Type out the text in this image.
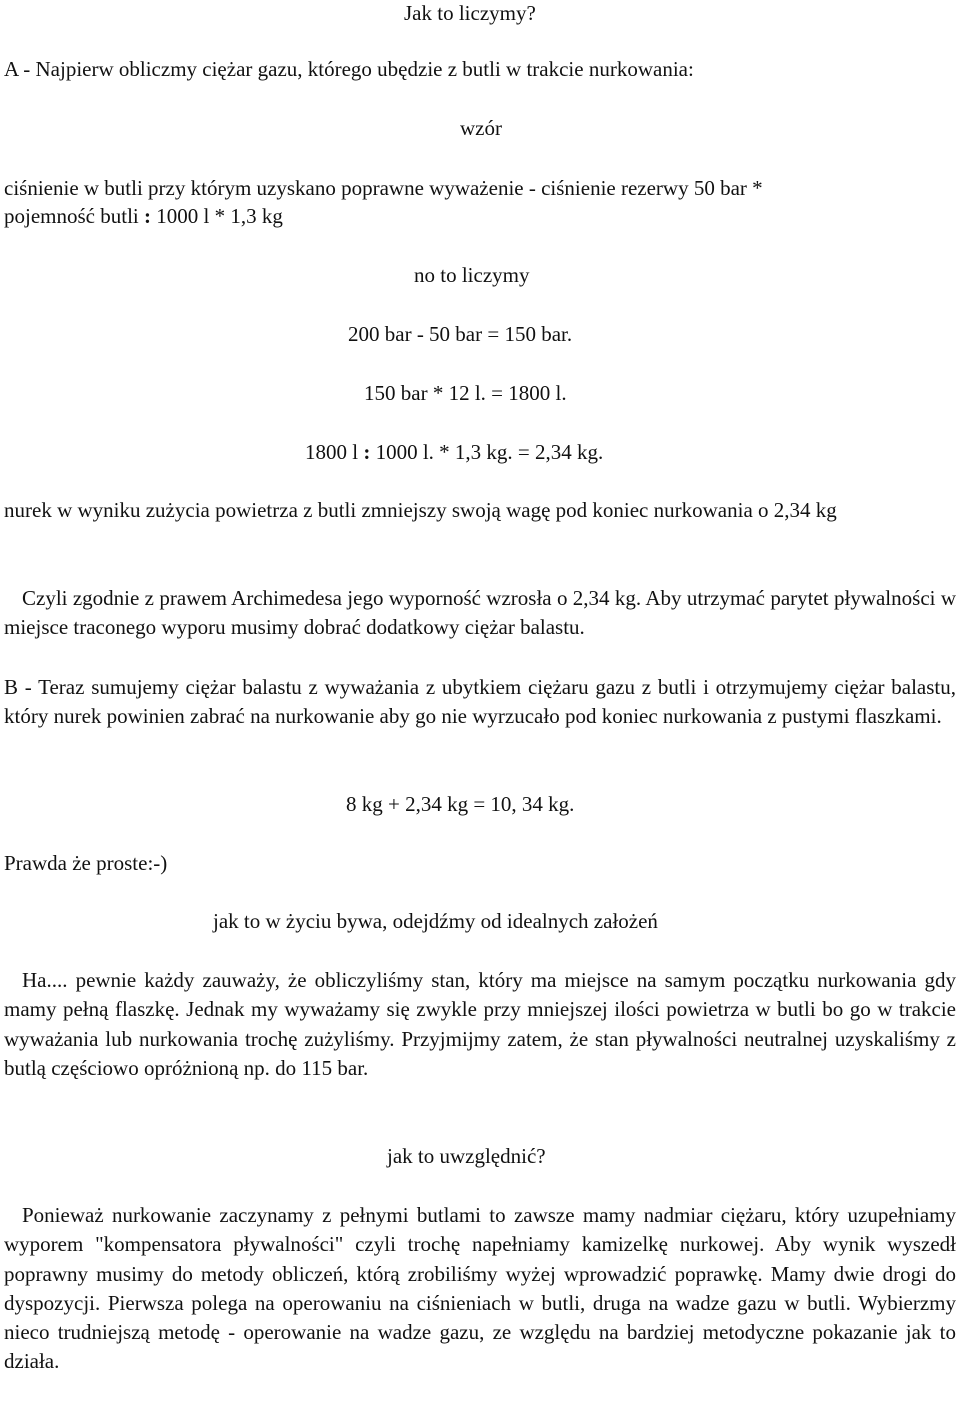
Jak to liczymy?

A - Najpierw obliczmy ciężar gazu, którego ubędzie z butli w trakcie nurkowania:

wzór

ciśnienie w butli przy którym uzyskano poprawne wyważenie - ciśnienie rezerwy 50 bar *

pojemność butli : 1000 l * 1,3 kg

no to liczymy

200 bar - 50 bar = 150 bar.

150 bar * 12 l. = 1800 l.

1800 l : 1000 l. * 1,3 kg. = 2,34 kg.

nurek w wyniku zużycia powietrza z butli zmniejszy swoją wagę pod koniec nurkowania o 2,34 kg

Czyli zgodnie z prawem Archimedesa jego wyporność wzrosła o 2,34 kg. Aby utrzymać parytet pływalności w miejsce traconego wyporu musimy dobrać dodatkowy ciężar balastu.

B - Teraz sumujemy ciężar balastu z wyważania z ubytkiem ciężaru gazu z butli i otrzymujemy ciężar balastu, który nurek powinien zabrać na nurkowanie aby go nie wyrzucało pod koniec nurkowania z pustymi flaszkami.

8 kg + 2,34 kg = 10, 34 kg.

Prawda że proste:-)

jak to w życiu bywa, odejdźmy od idealnych założeń

Ha.... pewnie każdy zauważy, że obliczyliśmy stan, który ma miejsce na samym początku nurkowania gdy mamy pełną flaszkę. Jednak my wyważamy się zwykle przy mniejszej ilości powietrza w butli bo go w trakcie wyważania lub nurkowania trochę zużyliśmy. Przyjmijmy zatem, że stan pływalności neutralnej uzyskaliśmy z butlą częściowo opróżnioną np. do 115 bar.

jak to uwzględnić?

Ponieważ nurkowanie zaczynamy z pełnymi butlami to zawsze mamy nadmiar ciężaru, który uzupełniamy wyporem "kompensatora pływalności" czyli trochę napełniamy kamizelkę nurkowej. Aby wynik wyszedł poprawny musimy do metody obliczeń, którą zrobiliśmy wyżej wprowadzić poprawkę. Mamy dwie drogi do dyspozycji. Pierwsza polega na operowaniu na ciśnieniach w butli, druga na wadze gazu w butli. Wybierzmy nieco trudniejszą metodę - operowanie na wadze gazu, ze względu na bardziej metodyczne pokazanie jak to działa.
